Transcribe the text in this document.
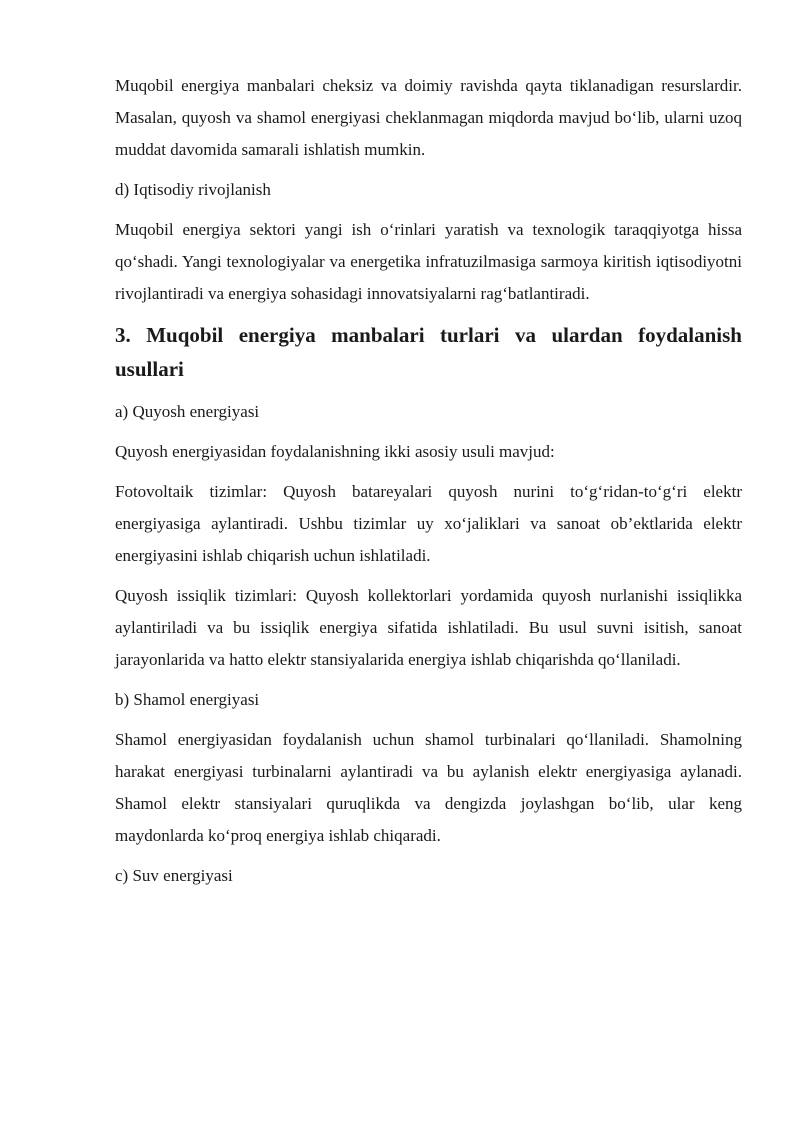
Muqobil energiya manbalari cheksiz va doimiy ravishda qayta tiklanadigan resurslardir. Masalan, quyosh va shamol energiyasi cheklanmagan miqdorda mavjud bo‘lib, ularni uzoq muddat davomida samarali ishlatish mumkin.

d) Iqtisodiy rivojlanish

Muqobil energiya sektori yangi ish o‘rinlari yaratish va texnologik taraqqiyotga hissa qo‘shadi. Yangi texnologiyalar va energetika infratuzilmasiga sarmoya kiritish iqtisodiyotni rivojlantiradi va energiya sohasidagi innovatsiyalarni rag‘batlantiradi.

3. Muqobil energiya manbalari turlari va ulardan foydalanish usullari

a) Quyosh energiyasi

Quyosh energiyasidan foydalanishning ikki asosiy usuli mavjud:

Fotovoltaik tizimlar: Quyosh batareyalari quyosh nurini to‘g‘ridan-to‘g‘ri elektr energiyasiga aylantiradi. Ushbu tizimlar uy xo‘jaliklari va sanoat ob’ektlarida elektr energiyasini ishlab chiqarish uchun ishlatiladi.

Quyosh issiqlik tizimlari: Quyosh kollektorlari yordamida quyosh nurlanishi issiqlikka aylantiriladi va bu issiqlik energiya sifatida ishlatiladi. Bu usul suvni isitish, sanoat jarayonlarida va hatto elektr stansiyalarida energiya ishlab chiqarishda qo‘llaniladi.

b) Shamol energiyasi

Shamol energiyasidan foydalanish uchun shamol turbinalari qo‘llaniladi. Shamolning harakat energiyasi turbinalarni aylantiradi va bu aylanish elektr energiyasiga aylanadi. Shamol elektr stansiyalari quruqlikda va dengizda joylashgan bo‘lib, ular keng maydonlarda ko‘proq energiya ishlab chiqaradi.

c) Suv energiyasi
